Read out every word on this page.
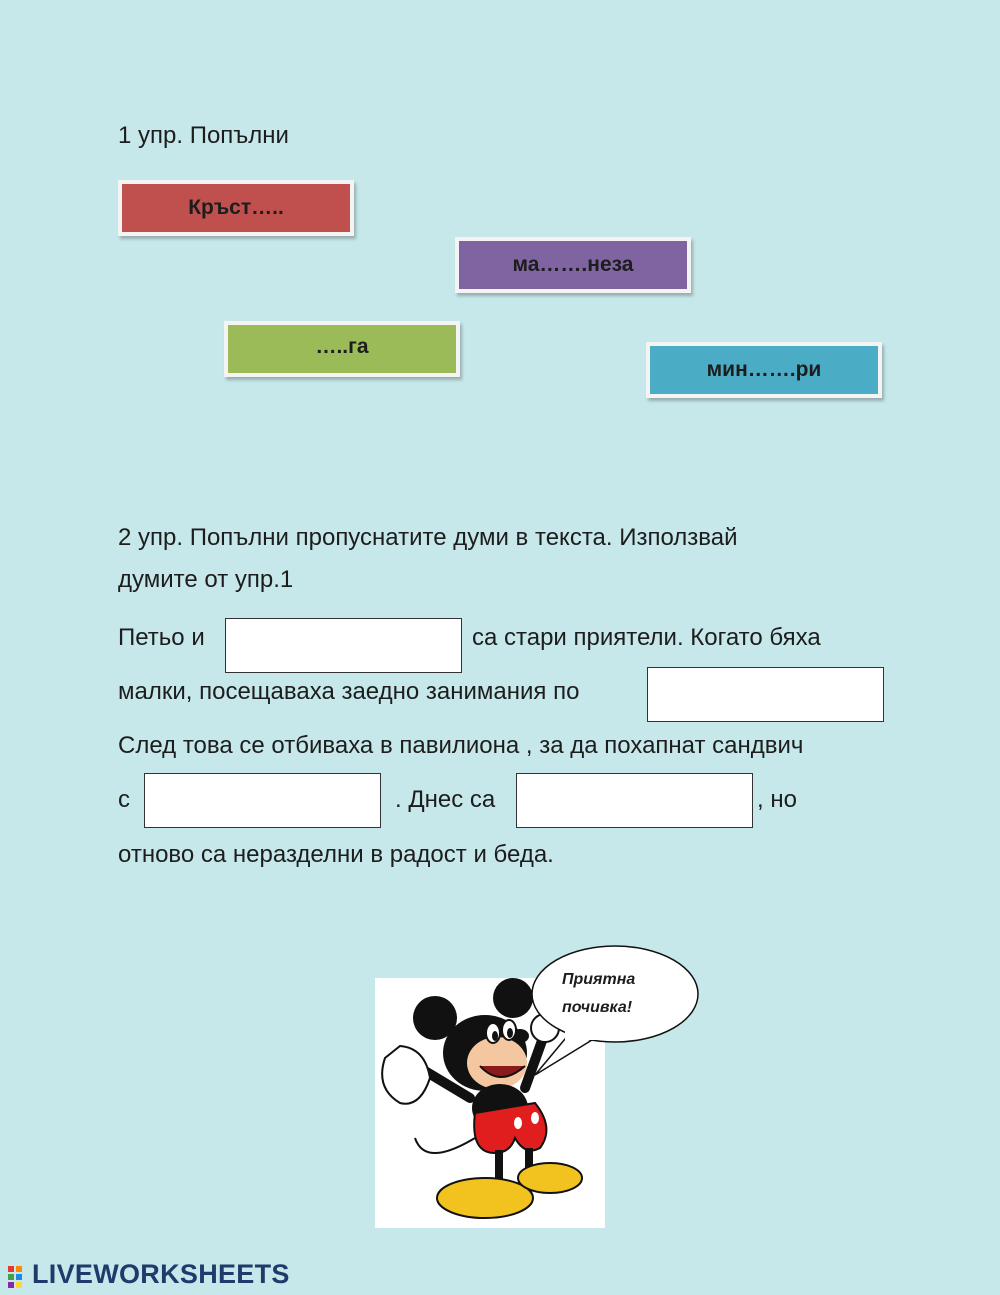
1 упр. Попълни
Кръст…..
ма…….неза
…..га
мин…….ри
2 упр. Попълни пропуснатите думи в текста. Използвай
думите от упр.1
Петьо и	са стари приятели. Когато бяха
малки, посещаваха заедно занимания по
След това се отбиваха в павилиона , за да похапнат сандвич
с	. Днес са	, но
отново са неразделни в радост и беда.
Приятна
почивка!
LIVEWORKSHEETS
